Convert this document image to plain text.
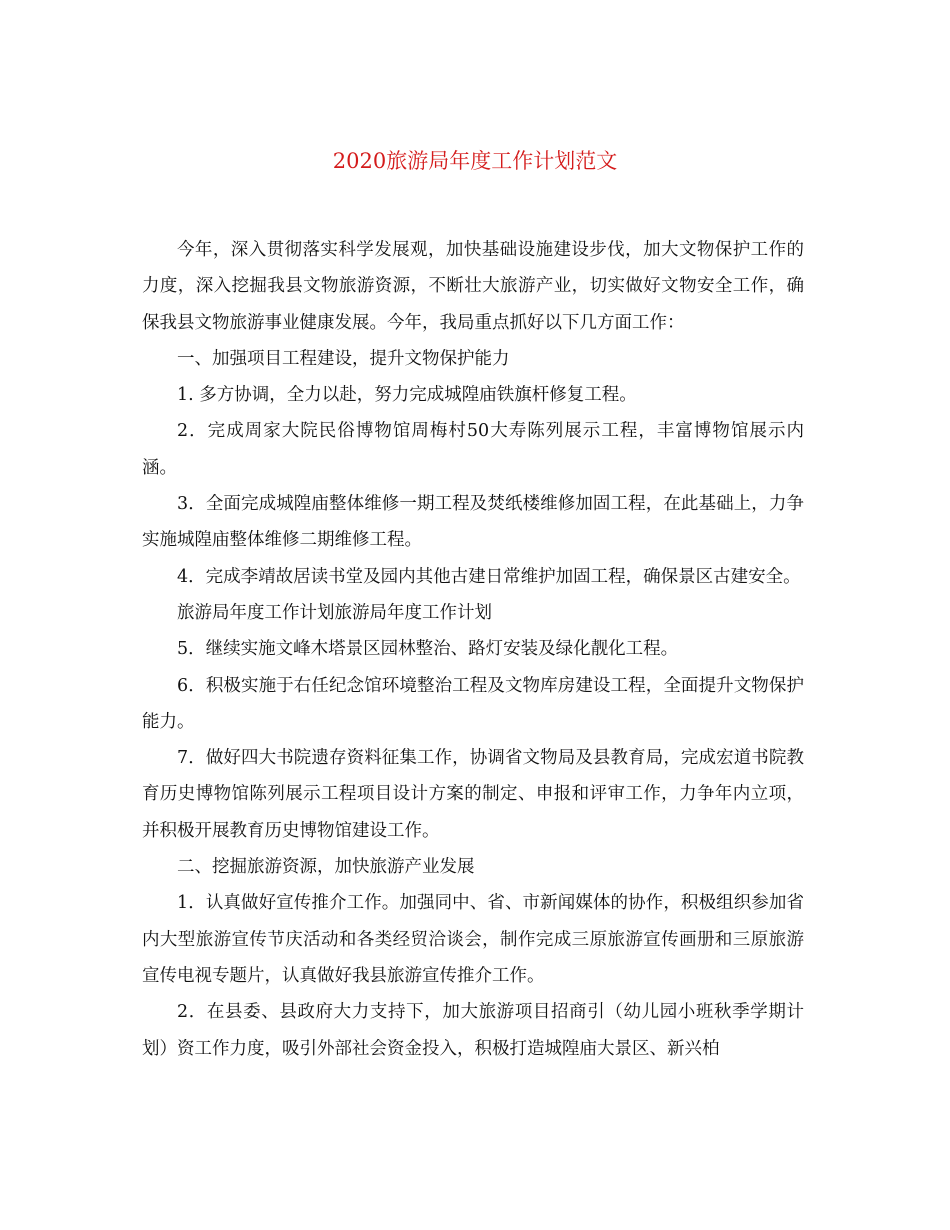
2020旅游局年度工作计划范文

今年，深入贯彻落实科学发展观，加快基础设施建设步伐，加大文物保护工作的力度，深入挖掘我县文物旅游资源，不断壮大旅游产业，切实做好文物安全工作，确保我县文物旅游事业健康发展。今年，我局重点抓好以下几方面工作：

一、加强项目工程建设，提升文物保护能力

1. 多方协调，全力以赴，努力完成城隍庙铁旗杆修复工程。

2．完成周家大院民俗博物馆周梅村50大寿陈列展示工程，丰富博物馆展示内涵。

3．全面完成城隍庙整体维修一期工程及焚纸楼维修加固工程，在此基础上，力争实施城隍庙整体维修二期维修工程。

4．完成李靖故居读书堂及园内其他古建日常维护加固工程，确保景区古建安全。

旅游局年度工作计划旅游局年度工作计划

5．继续实施文峰木塔景区园林整治、路灯安装及绿化靓化工程。

6．积极实施于右任纪念馆环境整治工程及文物库房建设工程，全面提升文物保护能力。

7．做好四大书院遗存资料征集工作，协调省文物局及县教育局，完成宏道书院教育历史博物馆陈列展示工程项目设计方案的制定、申报和评审工作，力争年内立项，并积极开展教育历史博物馆建设工作。

二、挖掘旅游资源，加快旅游产业发展

1．认真做好宣传推介工作。加强同中、省、市新闻媒体的协作，积极组织参加省内大型旅游宣传节庆活动和各类经贸洽谈会，制作完成三原旅游宣传画册和三原旅游宣传电视专题片，认真做好我县旅游宣传推介工作。

2．在县委、县政府大力支持下，加大旅游项目招商引（幼儿园小班秋季学期计划）资工作力度，吸引外部社会资金投入，积极打造城隍庙大景区、新兴柏
